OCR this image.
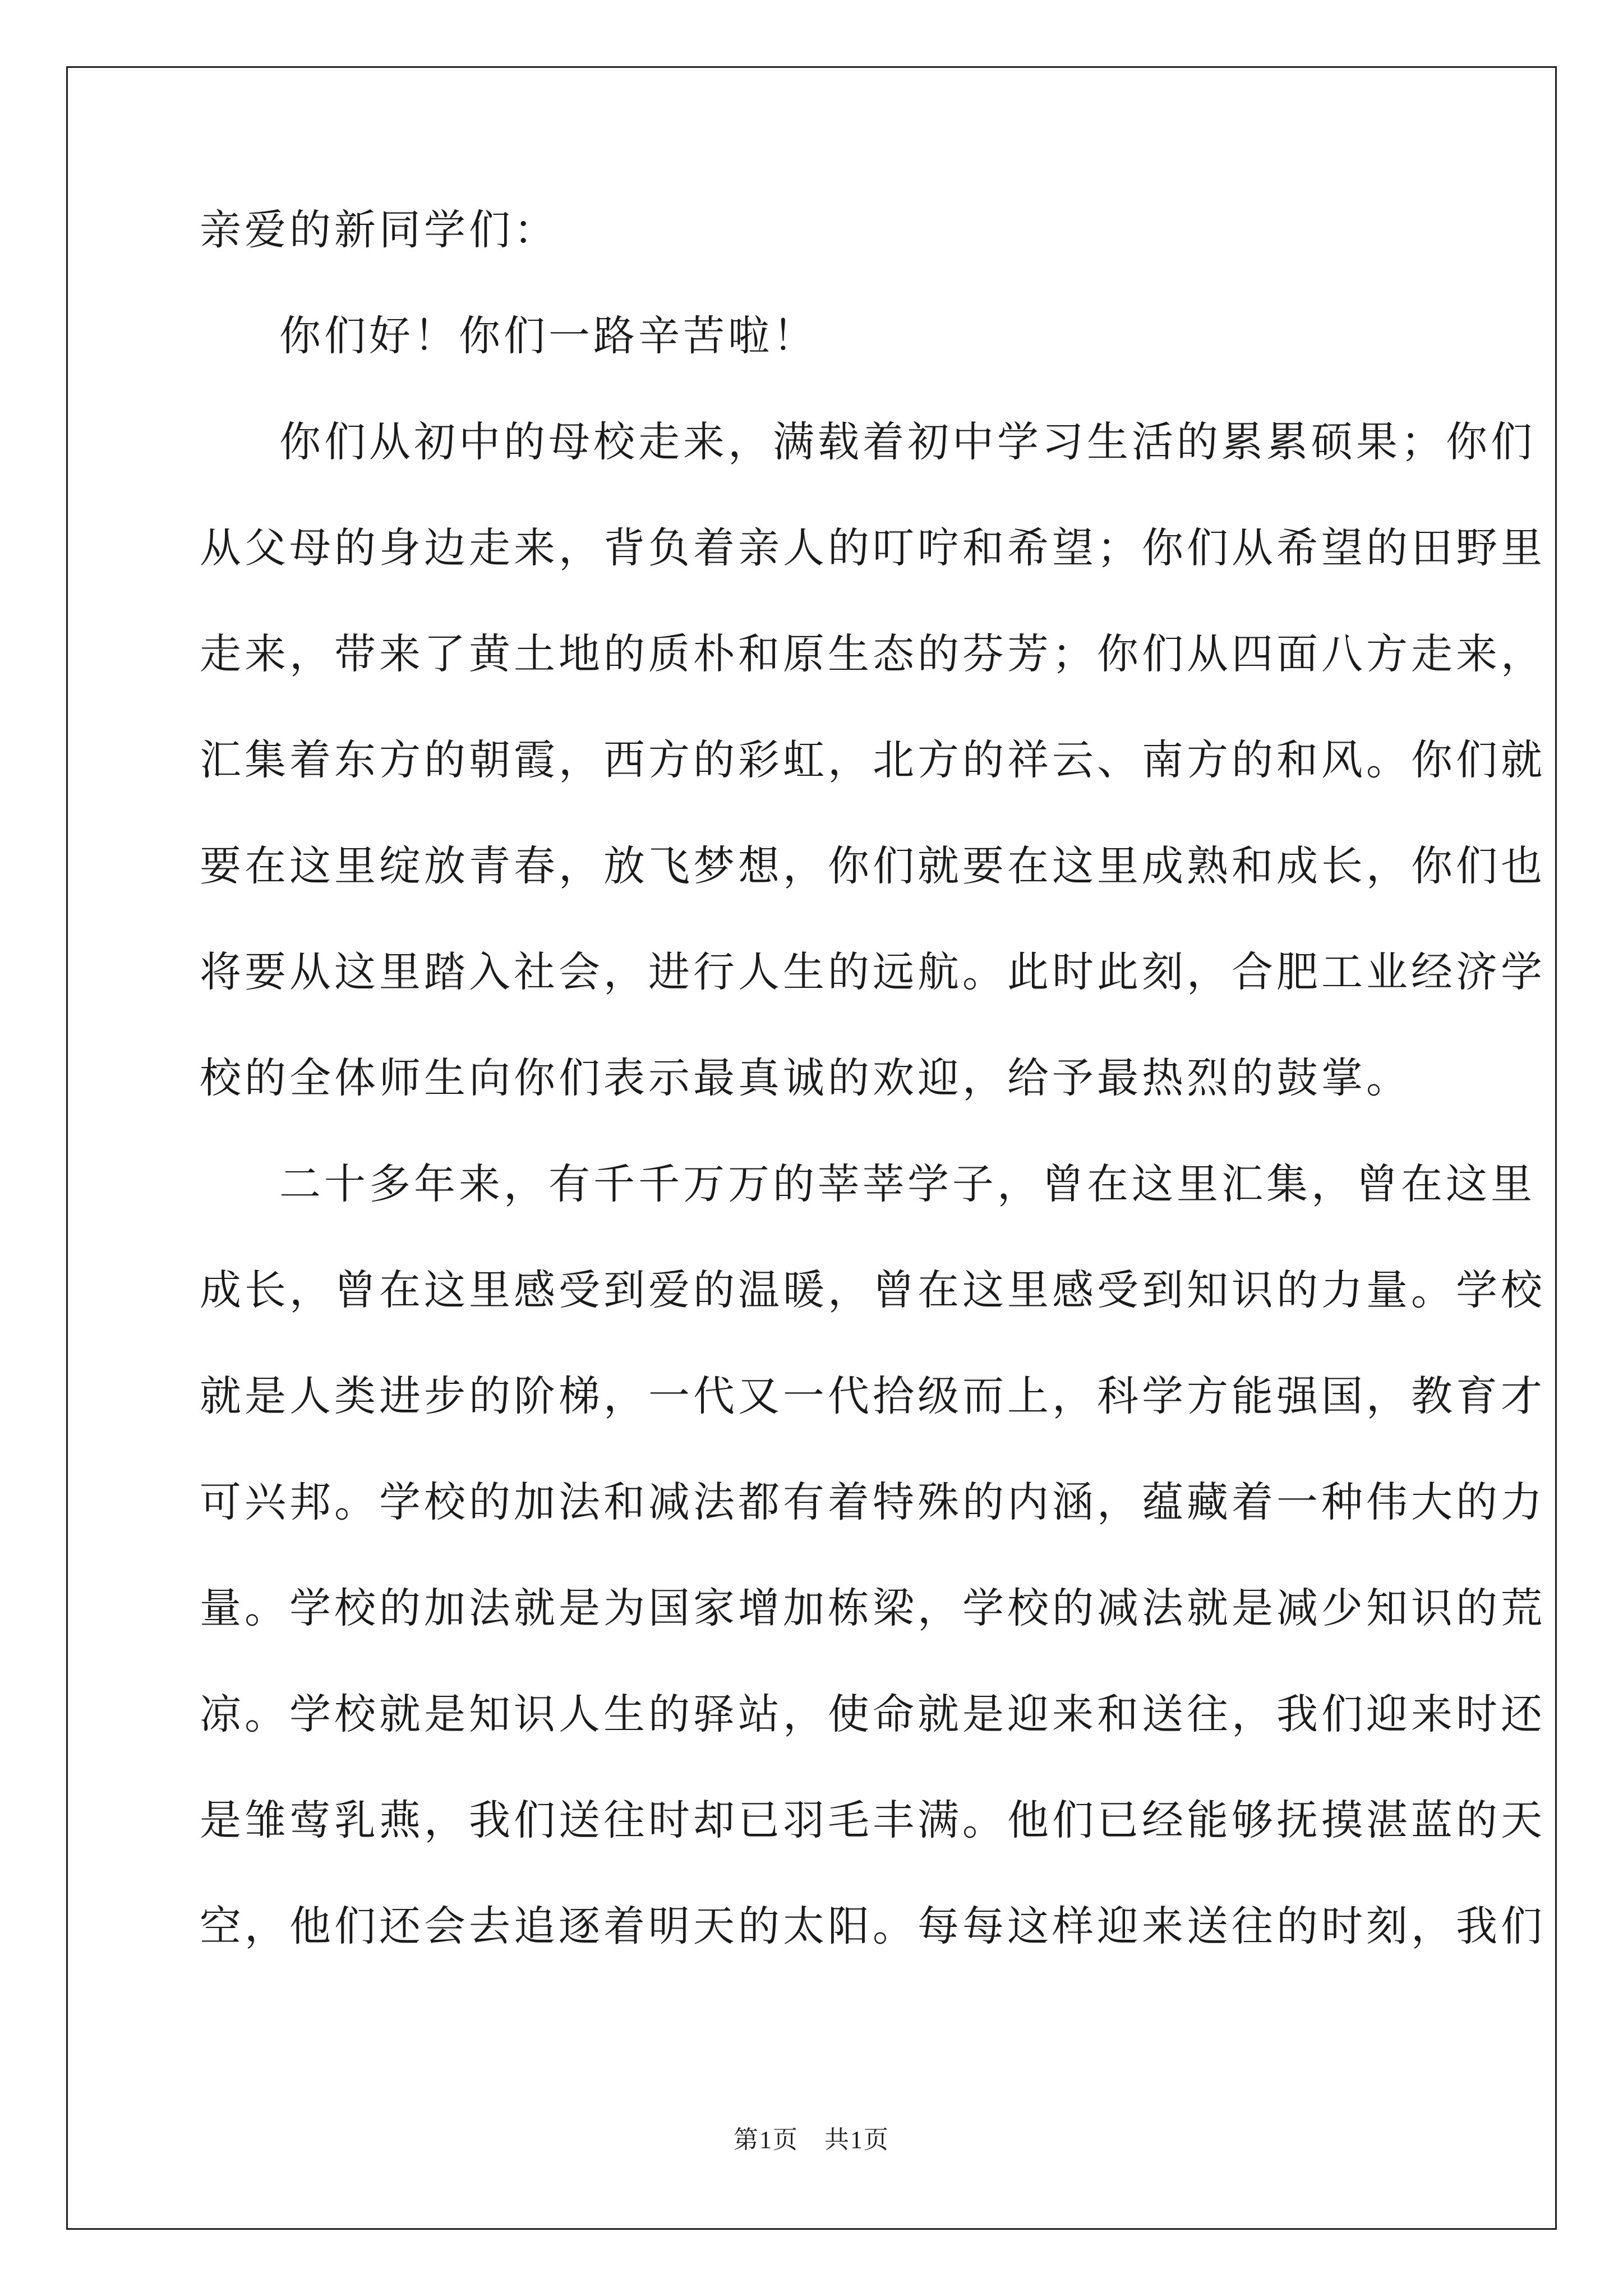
亲爱的新同学们：

你们好！你们一路辛苦啦！

你们从初中的母校走来，满载着初中学习生活的累累硕果；你们

从父母的身边走来，背负着亲人的叮咛和希望；你们从希望的田野里

走来，带来了黄土地的质朴和原生态的芬芳；你们从四面八方走来，

汇集着东方的朝霞，西方的彩虹，北方的祥云、南方的和风。你们就

要在这里绽放青春，放飞梦想，你们就要在这里成熟和成长，你们也

将要从这里踏入社会，进行人生的远航。此时此刻，合肥工业经济学

校的全体师生向你们表示最真诚的欢迎，给予最热烈的鼓掌。

二十多年来，有千千万万的莘莘学子，曾在这里汇集，曾在这里

成长，曾在这里感受到爱的温暖，曾在这里感受到知识的力量。学校

就是人类进步的阶梯，一代又一代拾级而上，科学方能强国，教育才

可兴邦。学校的加法和减法都有着特殊的内涵，蕴藏着一种伟大的力

量。学校的加法就是为国家增加栋梁，学校的减法就是减少知识的荒

凉。学校就是知识人生的驿站，使命就是迎来和送往，我们迎来时还

是雏莺乳燕，我们送往时却已羽毛丰满。他们已经能够抚摸湛蓝的天

空，他们还会去追逐着明天的太阳。每每这样迎来送往的时刻，我们

第1页　共1页
